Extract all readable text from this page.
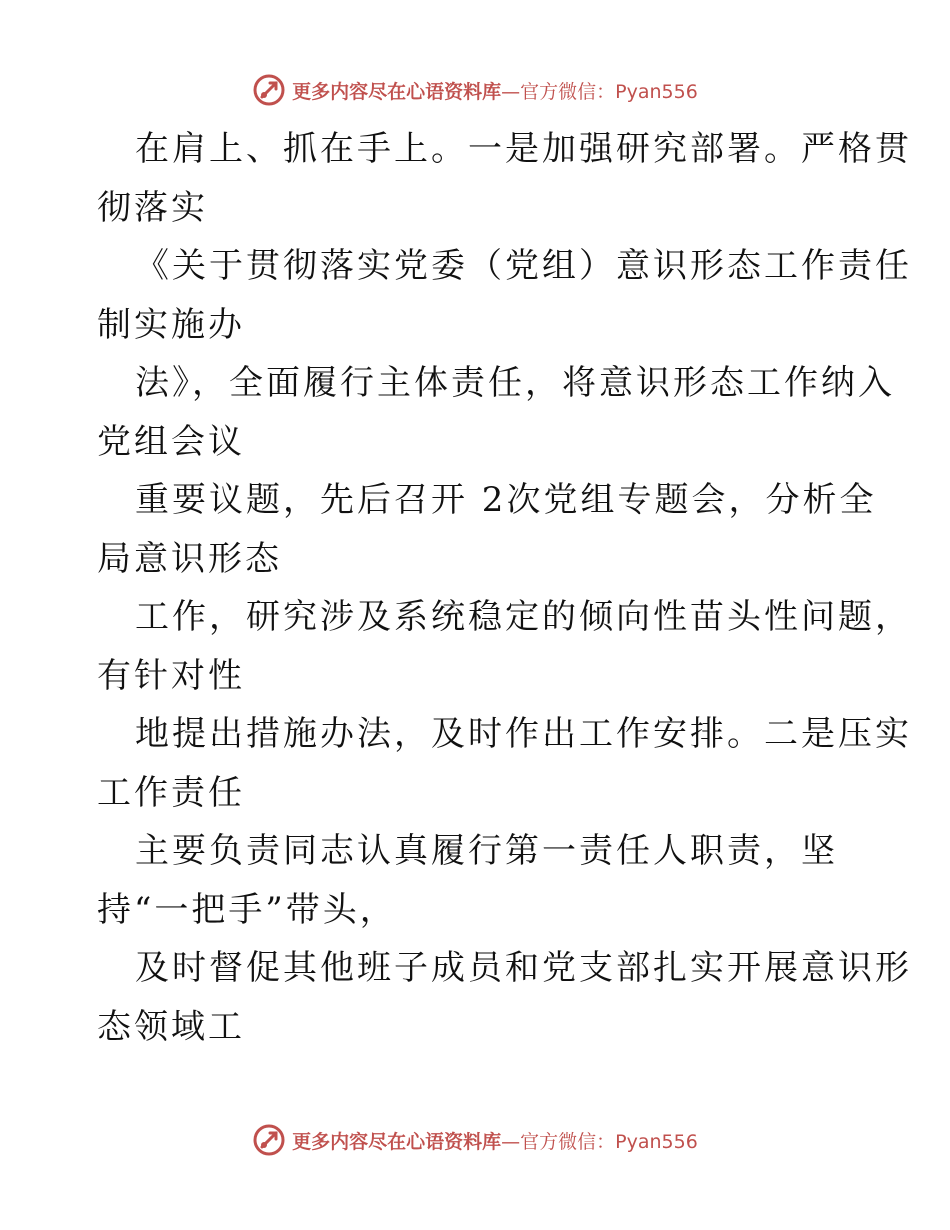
更多内容尽在心语资料库—官方微信：Pyan556
在肩上、抓在手上。一是加强研究部署。严格贯
彻落实
《关于贯彻落实党委（党组）意识形态工作责任
制实施办
法》，全面履行主体责任，将意识形态工作纳入
党组会议
重要议题，先后召开 2次党组专题会，分析全
局意识形态
工作，研究涉及系统稳定的倾向性苗头性问题，
有针对性
地提出措施办法，及时作出工作安排。二是压实
工作责任
主要负责同志认真履行第一责任人职责，坚
持“一把手”带头，
及时督促其他班子成员和党支部扎实开展意识形
态领域工
更多内容尽在心语资料库—官方微信：Pyan556
